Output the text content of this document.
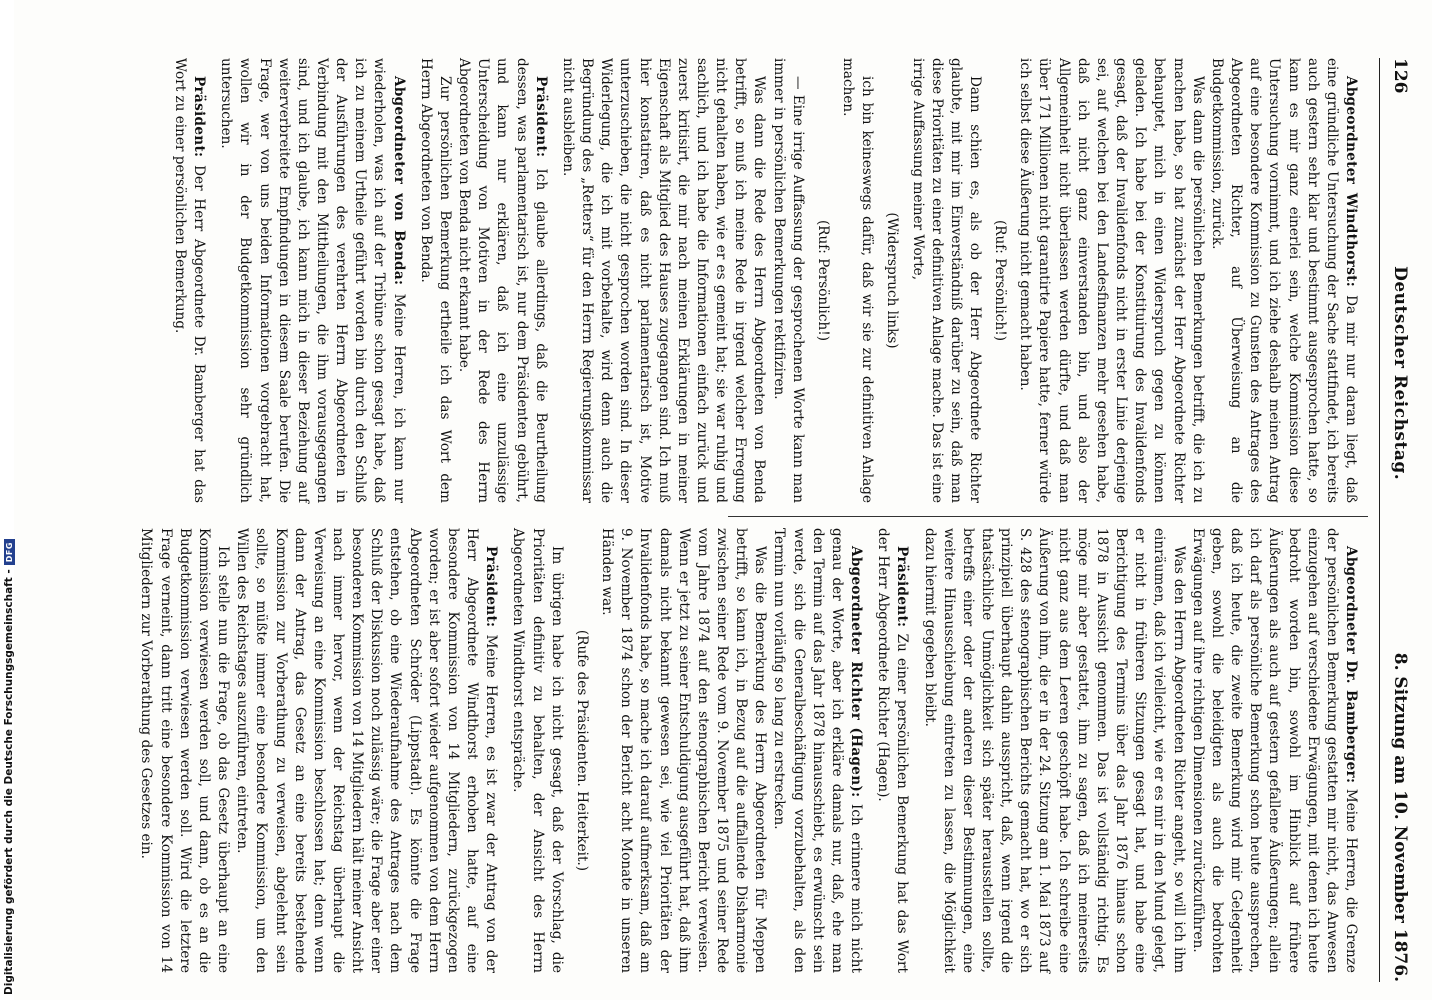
126
Deutscher Reichstag.
8. Sitzung am 10. November 1876.

Abgeordneter Windthorst: Da mir nur daran liegt, daß eine gründliche Untersuchung der Sache stattfindet, ich bereits auch gestern sehr klar und bestimmt ausgesprochen hatte, so kann es mir ganz einerlei sein, welche Kommission diese Untersuchung vornimmt, und ich ziehe deshalb meinen Antrag auf eine besondere Kommission zu Gunsten des Antrages des Abgeordneten Richter, auf Überweisung an die Budgetkommission, zurück.

Was dann die persönlichen Bemerkungen betrifft, die ich zu machen habe, so hat zunächst der Herr Abgeordnete Richter behauptet, mich in einen Widerspruch gegen zu können geladen. Ich habe bei der Konstituirung des Invalidenfonds gesagt, daß der Invalidenfonds nicht in erster Linie derjenige sei, auf welchen bei den Landesfinanzen mehr gesehen habe, daß ich nicht ganz einverstanden bin, und also der Allgemeinheit nicht überlassen werden dürfte, und daß man über 171 Millionen nicht garantirte Papiere hatte, ferner würde ich selbst diese Äußerung nicht gemacht haben.

(Ruf: Persönlich!)

Dann schien es, als ob der Herr Abgeordnete Richter glaubte, mit mir im Einverständniß darüber zu sein, daß man diese Prioritäten zu einer definitiven Anlage mache. Das ist eine irrige Auffassung meiner Worte,

(Widerspruch links)

ich bin keineswegs dafür, daß wir sie zur definitiven Anlage machen.

(Ruf: Persönlich!)

— Eine irrige Auffassung der gesprochenen Worte kann man immer in persönlichen Bemerkungen rektifiziren.

Was dann die Rede des Herrn Abgeordneten von Benda betrifft, so muß ich meine Rede in irgend welcher Erregung nicht gehalten haben, wie er es gemeint hat; sie war ruhig und sachlich, und ich habe die Informationen einfach zurück und zuerst kritisirt, die mir nach meinen Erklärungen in meiner Eigenschaft als Mitglied des Hauses zugegangen sind. Ich muß hier konstatiren, daß es nicht parlamentarisch ist, Motive unterzuschieben, die nicht gesprochen worden sind. In dieser Widerlegung, die ich mit vorbehalte, wird denn auch die Begründung des „Retters“ für den Herrn Regierungskommissar nicht ausbleiben.

Präsident: Ich glaube allerdings, daß die Beurtheilung dessen, was parlamentarisch ist, nur dem Präsidenten gebührt, und kann nur erklären, daß ich eine unzulässige Unterscheidung von Motiven in der Rede des Herrn Abgeordneten von Benda nicht erkannt habe.

Zur persönlichen Bemerkung ertheile ich das Wort dem Herrn Abgeordneten von Benda.

Abgeordneter von Benda: Meine Herren, ich kann nur wiederholen, was ich auf der Tribüne schon gesagt habe, daß ich zu meinem Urtheile geführt worden bin durch den Schluß der Ausführungen des verehrten Herrn Abgeordneten in Verbindung mit den Mittheilungen, die ihm vorausgegangen sind, und ich glaube, ich kann mich in dieser Beziehung auf weiterverbreitete Empfindungen in diesem Saale berufen. Die Frage, wer von uns beiden Informationen vorgebracht hat, wollen wir in der Budgetkommission sehr gründlich untersuchen.

Präsident: Der Herr Abgeordnete Dr. Bamberger hat das Wort zu einer persönlichen Bemerkung.

Abgeordneter Dr. Bamberger: Meine Herren, die Grenze der persönlichen Bemerkung gestatten mir nicht, das Anwesen einzugehen auf verschiedene Erwägungen, mit denen ich heute bedroht worden bin, sowohl im Hinblick auf frühere Äußerungen als auch auf gestern gefallene Äußerungen; allein ich darf als persönliche Bemerkung schon heute aussprechen, daß ich heute, die zweite Bemerkung wird mir Gelegenheit geben, sowohl die beleidigten als auch die bedrohten Erwägungen auf ihre richtigen Dimensionen zurückzuführen.

Was den Herrn Abgeordneten Richter angeht, so will ich ihm einräumen, daß ich vielleicht, wie er es mir in den Mund gelegt, er nicht in früheren Sitzungen gesagt hat, und habe eine Berichtigung des Termins über das Jahr 1876 hinaus schon 1878 in Aussicht genommen. Das ist vollständig richtig. Es möge mir aber gestattet, ihm zu sagen, daß ich meinerseits nicht ganz aus dem Leeren geschöpft habe. Ich schreibe eine Äußerung von ihm, die er in der 24. Sitzung am 1. Mai 1873 auf S. 428 des stenographischen Berichts gemacht hat, wo er sich prinzipiell überhaupt dahin ausspricht, daß, wenn irgend die thatsächliche Unmöglichkeit sich später herausstellen sollte, betreffs einer oder der anderen dieser Bestimmungen, eine weitere Hinausschiebung eintreten zu lassen, die Möglichkeit dazu hiermit gegeben bleibt.

Präsident: Zu einer persönlichen Bemerkung hat das Wort der Herr Abgeordnete Richter (Hagen).

Abgeordneter Richter (Hagen): Ich erinnere mich nicht genau der Worte, aber ich erkläre damals nur, daß, ehe man den Termin auf das Jahr 1878 hinausschiebt, es erwünscht sein werde, sich die Generalbeschäftigung vorzubehalten, als den Termin nun vorläufig so lang zu erstrecken.

Was die Bemerkung des Herrn Abgeordneten für Meppen betrifft, so kann ich, in Bezug auf die auffallende Disharmonie zwischen seiner Rede vom 9. November 1875 und seiner Rede vom Jahre 1874 auf den stenographischen Bericht verweisen. Wenn er jetzt zu seiner Entschuldigung ausgeführt hat, daß ihm damals nicht bekannt gewesen sei, wie viel Prioritäten der Invalidenfonds habe, so mache ich darauf aufmerksam, daß am 9. November 1874 schon der Bericht acht Monate in unseren Händen war.

(Rufe des Präsidenten. Heiterkeit.)

Im übrigen habe ich nicht gesagt, daß der Vorschlag, die Prioritäten definitiv zu behalten, der Ansicht des Herrn Abgeordneten Windthorst entspräche.

Präsident: Meine Herren, es ist zwar der Antrag von der Herr Abgeordnete Windthorst erhoben hatte, auf eine besondere Kommission von 14 Mitgliedern, zurückgezogen worden; er ist aber sofort wieder aufgenommen von dem Herrn Abgeordneten Schröder (Lippstadt). Es könnte die Frage entstehen, ob eine Wiederaufnahme des Antrages nach dem Schluß der Diskussion noch zulässig wäre; die Frage aber einer besonderen Kommission von 14 Mitgliedern hält meiner Ansicht nach immer hervor, wenn der Reichstag überhaupt die Verweisung an eine Kommission beschlossen hat; denn wenn dann der Antrag, das Gesetz an eine bereits bestehende Kommission zur Vorberathung zu verweisen, abgelehnt sein sollte, so müßte immer eine besondere Kommission, um den Willen des Reichstages auszuführen, eintreten.

Ich stelle nun die Frage, ob das Gesetz überhaupt an eine Kommission verwiesen werden soll, und dann, ob es an die Budgetkommission verwiesen werden soll. Wird die letztere Frage verneint, dann tritt eine besondere Kommission von 14 Mitgliedern zur Vorberathung des Gesetzes ein.

Digitalisierung gefördert durch die Deutsche Forschungsgemeinschaft -
DFG
